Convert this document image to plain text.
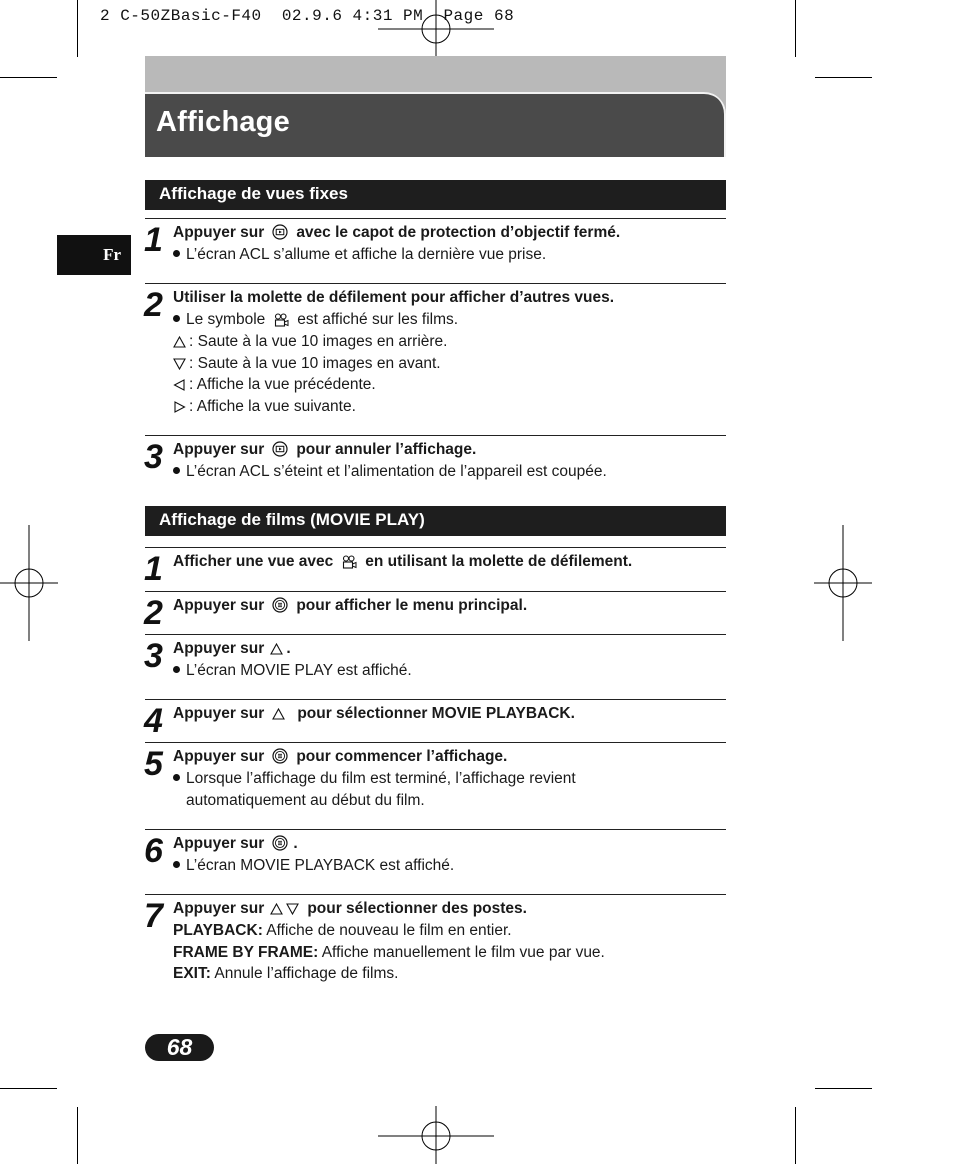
2 C-50ZBasic-F40  02.9.6 4:31 PM  Page 68
Affichage
Fr
Affichage de vues fixes
1 Appuyer sur avec le capot de protection d’objectif fermé.
L’écran ACL s’allume et affiche la dernière vue prise.
2 Utiliser la molette de défilement pour afficher d’autres vues.
Le symbole est affiché sur les films.
: Saute à la vue 10 images en arrière.
: Saute à la vue 10 images en avant.
: Affiche la vue précédente.
: Affiche la vue suivante.
3 Appuyer sur pour annuler l’affichage.
L’écran ACL s’éteint et l’alimentation de l’appareil est coupée.
Affichage de films (MOVIE PLAY)
1 Afficher une vue avec en utilisant la molette de défilement.
2 Appuyer sur pour afficher le menu principal.
3 Appuyer sur .
L’écran MOVIE PLAY est affiché.
4 Appuyer sur pour sélectionner MOVIE PLAYBACK.
5 Appuyer sur pour commencer l’affichage.
Lorsque l’affichage du film est terminé, l’affichage revient
automatiquement au début du film.
6 Appuyer sur .
L’écran MOVIE PLAYBACK est affiché.
7 Appuyer sur	pour sélectionner des postes.
PLAYBACK: Affiche de nouveau le film en entier.
FRAME BY FRAME: Affiche manuellement le film vue par vue.
EXIT: Annule l’affichage de films.
68
